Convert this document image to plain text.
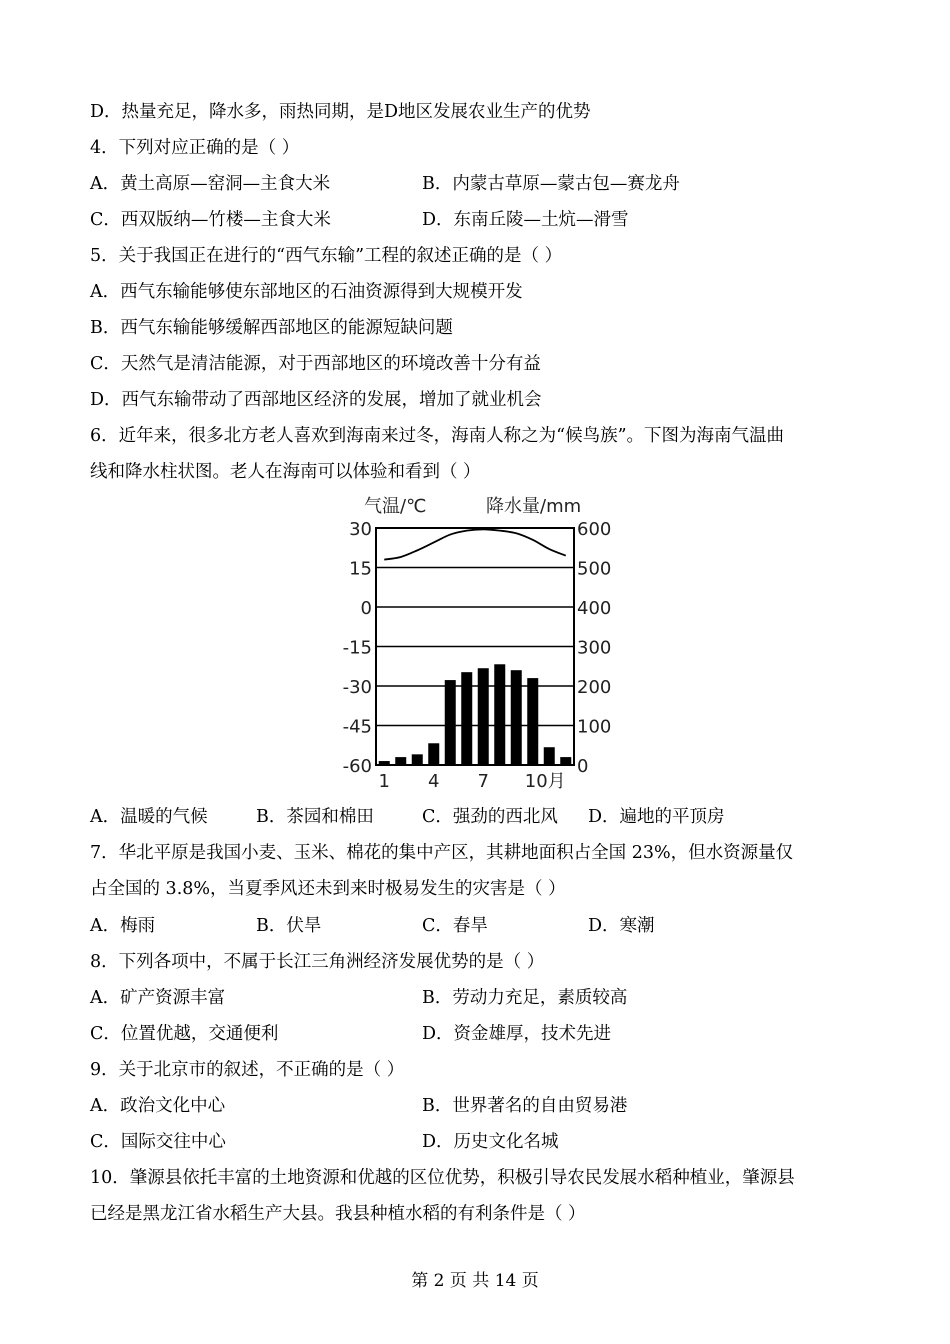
D．热量充足，降水多，雨热同期，是D地区发展农业生产的优势
4．下列对应正确的是（ ）
A．黄土高原—窑洞—主食大米	B．内蒙古草原—蒙古包—赛龙舟
C．西双版纳—竹楼—主食大米	D．东南丘陵—土炕—滑雪
5．关于我国正在进行的“西气东输”工程的叙述正确的是（ ）
A．西气东输能够使东部地区的石油资源得到大规模开发
B．西气东输能够缓解西部地区的能源短缺问题
C．天然气是清洁能源，对于西部地区的环境改善十分有益
D．西气东输带动了西部地区经济的发展，增加了就业机会
6．近年来，很多北方老人喜欢到海南来过冬，海南人称之为“候鸟族”。下图为海南气温曲
线和降水柱状图。老人在海南可以体验和看到（ ）
气温/℃	降水量/mm
30	600
15	500
0	400
-15	300
-30	200
-45	100
-60	0
1 4 7 10月
A．温暖的气候	B．茶园和棉田	C．强劲的西北风 D．遍地的平顶房
7．华北平原是我国小麦、玉米、棉花的集中产区，其耕地面积占全国 23%，但水资源量仅
占全国的 3.8%，当夏季风还未到来时极易发生的灾害是（ ）
A．梅雨	B．伏旱	C．春旱	D．寒潮
8．下列各项中，不属于长江三角洲经济发展优势的是（ ）
A．矿产资源丰富	B．劳动力充足，素质较高
C．位置优越，交通便利	D．资金雄厚，技术先进
9．关于北京市的叙述，不正确的是（ ）
A．政治文化中心	B．世界著名的自由贸易港
C．国际交往中心	D．历史文化名城
10．肇源县依托丰富的土地资源和优越的区位优势，积极引导农民发展水稻种植业，肇源县
已经是黑龙江省水稻生产大县。我县种植水稻的有利条件是（ ）
第 2 页 共 14 页
